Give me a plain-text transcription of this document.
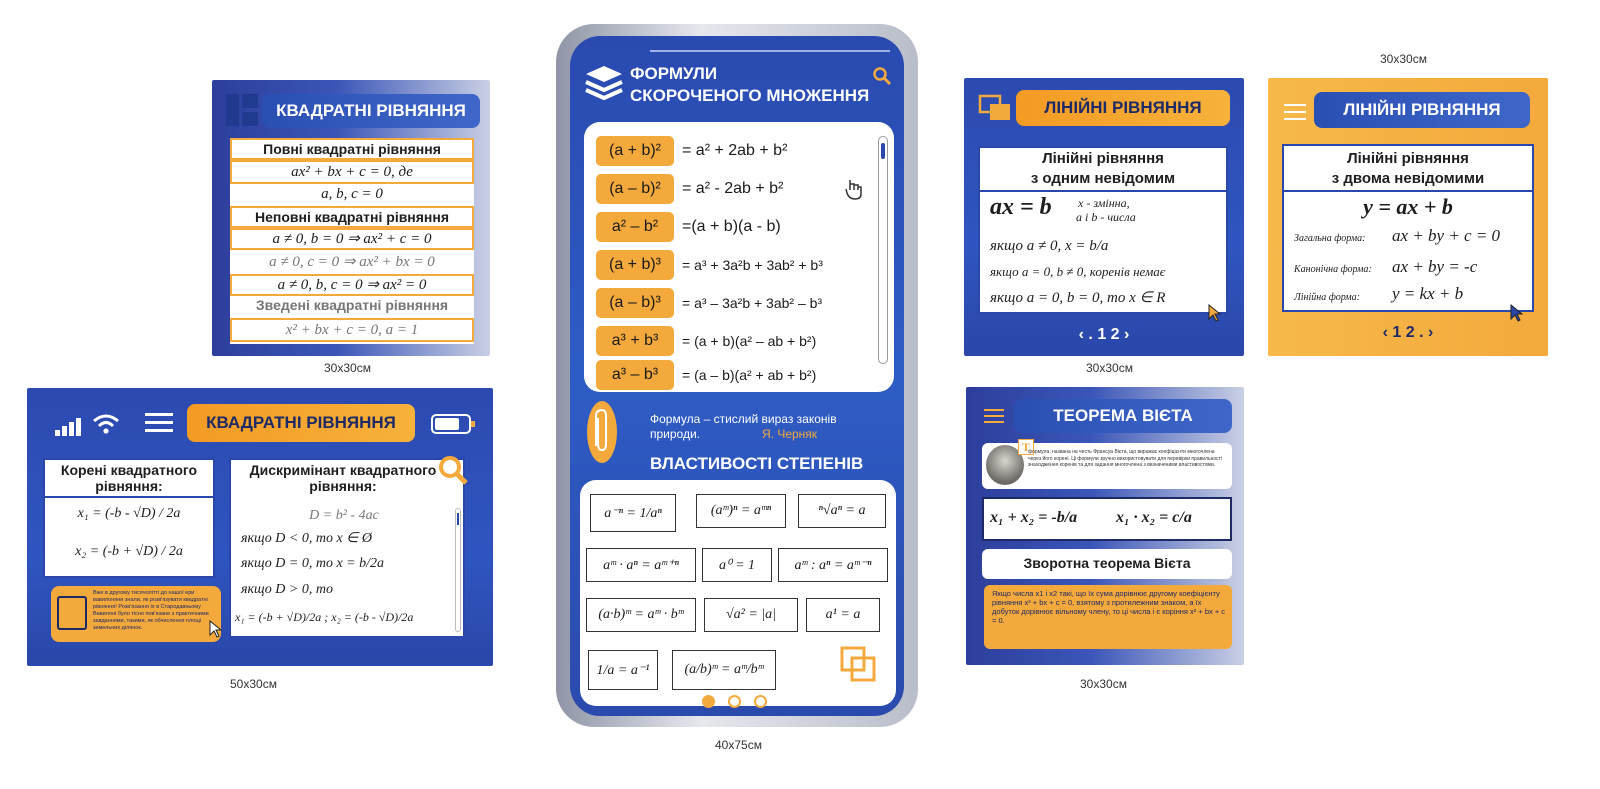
КВАДРАТНІ РІВНЯННЯ
Повні квадратні рівняння
ax² + bx + c = 0, де
a, b, c = 0
Неповні квадратні рівняння
a ≠ 0, b = 0 ⇒ ax² + c = 0
a ≠ 0, c = 0 ⇒ ax² + bx = 0
a ≠ 0, b, c = 0 ⇒ ax² = 0
Зведені квадратні рівняння
x² + bx + c = 0, a = 1
30x30см
КВАДРАТНІ РІВНЯННЯ
Корені квадратного рівняння:
x₁ = (-b - √D) / 2a
x₂ = (-b + √D) / 2a
Вже в другому тисячолітті до нашої ери вавилоняни знали, як розв'язувати квадратні рівняння! Розв'язання їх в Стародавньому Вавилоні було тісно пов'язане з практичними завданнями, такими, як обчислення площі земельних ділянок.
Дискримінант квадратного рівняння:
D = b² - 4ac
якщо D < 0, то x ∈ Ø
якщо D = 0, то x = b/2a
якщо D > 0, то
x₁ = (-b + √D)/2a ; x₂ = (-b - √D)/2a
50x30см
ФОРМУЛИ
СКОРОЧЕНОГО МНОЖЕННЯ
(a + b)²	= a² + 2ab + b²
(a – b)²	= a² - 2ab + b²
a² – b²	=(a + b)(a - b)
(a + b)³	= a³ + 3a²b + 3ab² + b³
(a – b)³	= a³ – 3a²b + 3ab² – b³
a³ + b³	= (a + b)(a² – ab + b²)
a³ – b³	= (a – b)(a² + ab + b²)
Формула – стислий вираз законів природи.	Я. Черняк
ВЛАСТИВОСТІ СТЕПЕНІВ
a⁻ⁿ = 1/aⁿ	(aᵐ)ⁿ = aᵐⁿ	ⁿ√aⁿ = a
aᵐ · aⁿ = aᵐ⁺ⁿ	a⁰ = 1	aᵐ : aⁿ = aᵐ⁻ⁿ
(a·b)ᵐ = aᵐ · bᵐ	√a² = |a|	a¹ = a
1/a = a⁻¹	(a/b)ᵐ = aᵐ/bᵐ
40x75см
ЛІНІЙНІ РІВНЯННЯ
Лінійні рівняння
з одним невідомим
ax = b x - змінна,
a і b - числа
якщо a ≠ 0, x = b/a
якщо a = 0, b ≠ 0, коренів немає
якщо a = 0, b = 0, то x ∈ R
‹ . 1 2 ›
30x30см
30x30см
ЛІНІЙНІ РІВНЯННЯ
Лінійні рівняння
з двома невідомими
y = ax + b
Загальна форма: ax + by + c = 0
Канонічна форма: ax + by = -c
Лінійна форма: y = kx + b
‹ 1 2 . ›
ТЕОРЕМА ВІЄТА
T
формула, названа на честь Франсуа Вієта, що виражає коефіцієнти многочлена через його корені. Ці формули зручно використовувати для перевірки правильності знаходження коренів та для задання многочлена з визначеними властивостями.
x₁ + x₂ = -b/a x₁ · x₂ = c/a
Зворотна теорема Вієта
Якщо числа x1 і x2 такі, що їх сума дорівнює другому коефіцієнту рівняння x² + bx + c = 0, взятому з протилежним знаком, а їх добуток дорівнює вільному члену, то ці числа і є коріння x² + bx + c = 0.
30x30см
